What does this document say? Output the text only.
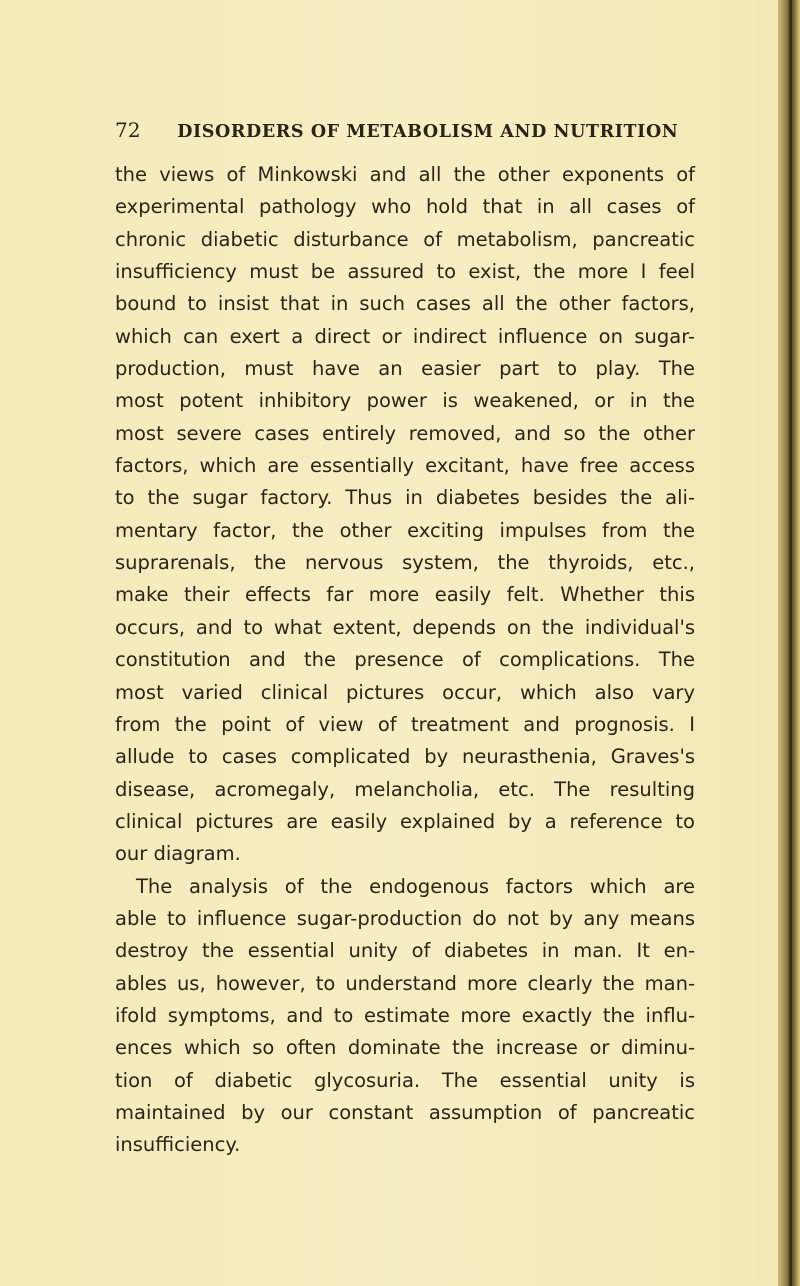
72 DISORDERS OF METABOLISM AND NUTRITION
the views of Minkowski and all the other exponents of
experimental pathology who hold that in all cases of
chronic diabetic disturbance of metabolism, pancreatic
insufficiency must be assured to exist, the more I feel
bound to insist that in such cases all the other factors,
which can exert a direct or indirect influence on sugar-
production, must have an easier part to play. The
most potent inhibitory power is weakened, or in the
most severe cases entirely removed, and so the other
factors, which are essentially excitant, have free access
to the sugar factory. Thus in diabetes besides the ali-
mentary factor, the other exciting impulses from the
suprarenals, the nervous system, the thyroids, etc.,
make their effects far more easily felt. Whether this
occurs, and to what extent, depends on the individual's
constitution and the presence of complications. The
most varied clinical pictures occur, which also vary
from the point of view of treatment and prognosis. I
allude to cases complicated by neurasthenia, Graves's
disease, acromegaly, melancholia, etc. The resulting
clinical pictures are easily explained by a reference to
our diagram.
The analysis of the endogenous factors which are
able to influence sugar-production do not by any means
destroy the essential unity of diabetes in man. It en-
ables us, however, to understand more clearly the man-
ifold symptoms, and to estimate more exactly the influ-
ences which so often dominate the increase or diminu-
tion of diabetic glycosuria. The essential unity is
maintained by our constant assumption of pancreatic
insufficiency.
